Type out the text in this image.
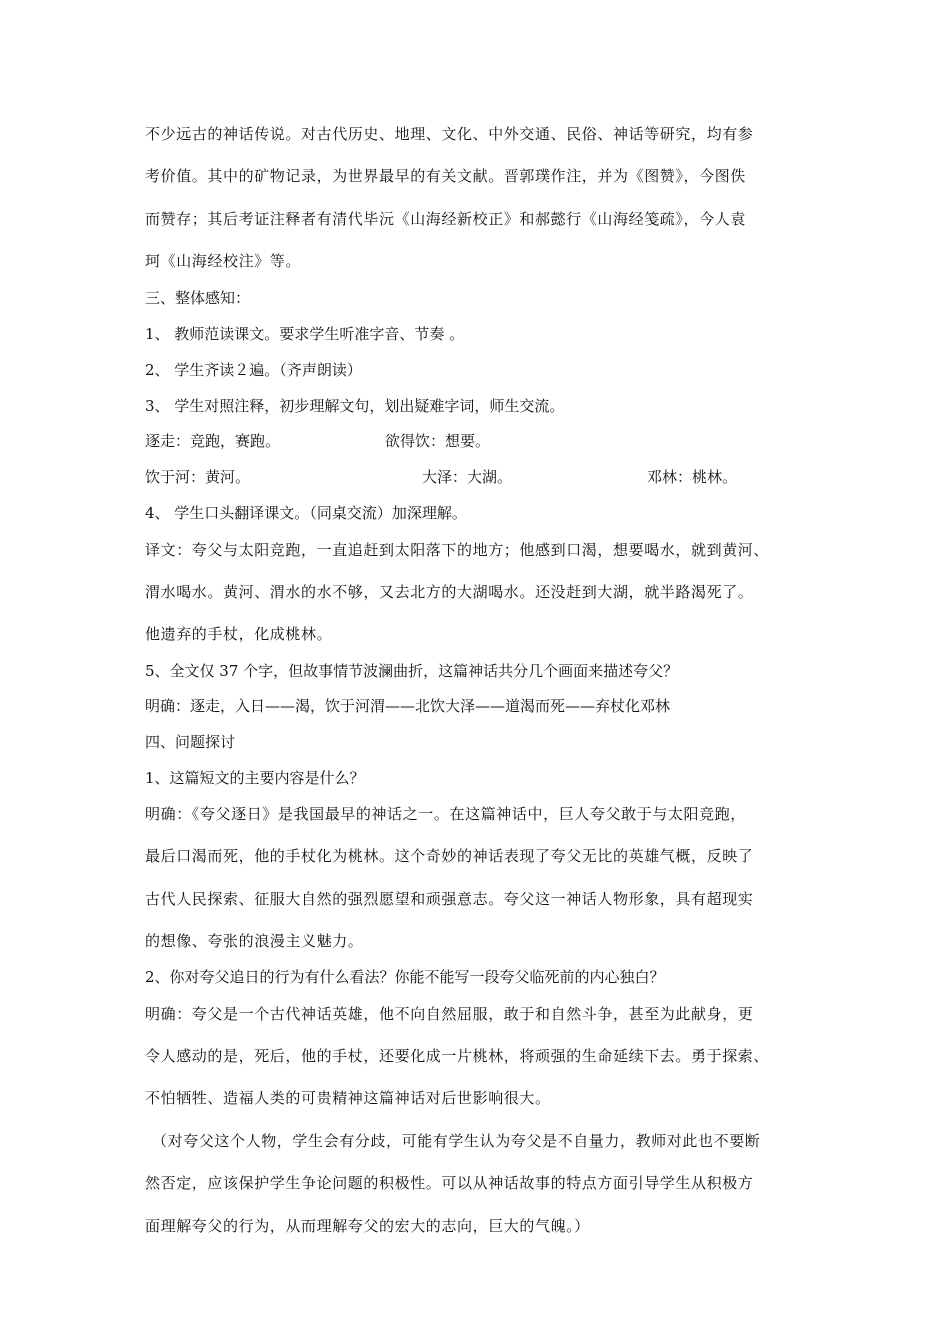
不少远古的神话传说。对古代历史、地理、文化、中外交通、民俗、神话等研究，均有参
考价值。其中的矿物记录，为世界最早的有关文献。晋郭璞作注，并为《图赞》，今图佚
而赞存；其后考证注释者有清代毕沅《山海经新校正》和郝懿行《山海经笺疏》，今人袁
珂《山海经校注》等。
三、整体感知：
1、 教师范读课文。要求学生听准字音、节奏 。
2、 学生齐读２遍。（齐声朗读）
3、 学生对照注释，初步理解文句，划出疑难字词，师生交流。
逐走：竞跑，赛跑。	欲得饮：想要。
饮于河：黄河。	大泽：大湖。	邓林：桃林。
4、 学生口头翻译课文。（同桌交流）加深理解。
译文：夸父与太阳竞跑，一直追赶到太阳落下的地方；他感到口渴，想要喝水，就到黄河、
渭水喝水。黄河、渭水的水不够，又去北方的大湖喝水。还没赶到大湖，就半路渴死了。
他遗弃的手杖，化成桃林。
5、全文仅 37 个字，但故事情节波澜曲折，这篇神话共分几个画面来描述夸父？
明确：逐走，入日——渴，饮于河渭——北饮大泽——道渴而死——弃杖化邓林
四、问题探讨
1、这篇短文的主要内容是什么？
明确：《夸父逐日》是我国最早的神话之一。在这篇神话中，巨人夸父敢于与太阳竞跑，
最后口渴而死，他的手杖化为桃林。这个奇妙的神话表现了夸父无比的英雄气概，反映了
古代人民探索、征服大自然的强烈愿望和顽强意志。夸父这一神话人物形象，具有超现实
的想像、夸张的浪漫主义魅力。
2、你对夸父追日的行为有什么看法？你能不能写一段夸父临死前的内心独白？
明确：夸父是一个古代神话英雄，他不向自然屈服，敢于和自然斗争，甚至为此献身，更
令人感动的是，死后，他的手杖，还要化成一片桃林，将顽强的生命延续下去。勇于探索、
不怕牺牲、造福人类的可贵精神这篇神话对后世影响很大。
（对夸父这个人物，学生会有分歧，可能有学生认为夸父是不自量力，教师对此也不要断
然否定，应该保护学生争论问题的积极性。可以从神话故事的特点方面引导学生从积极方
面理解夸父的行为，从而理解夸父的宏大的志向，巨大的气魄。）
